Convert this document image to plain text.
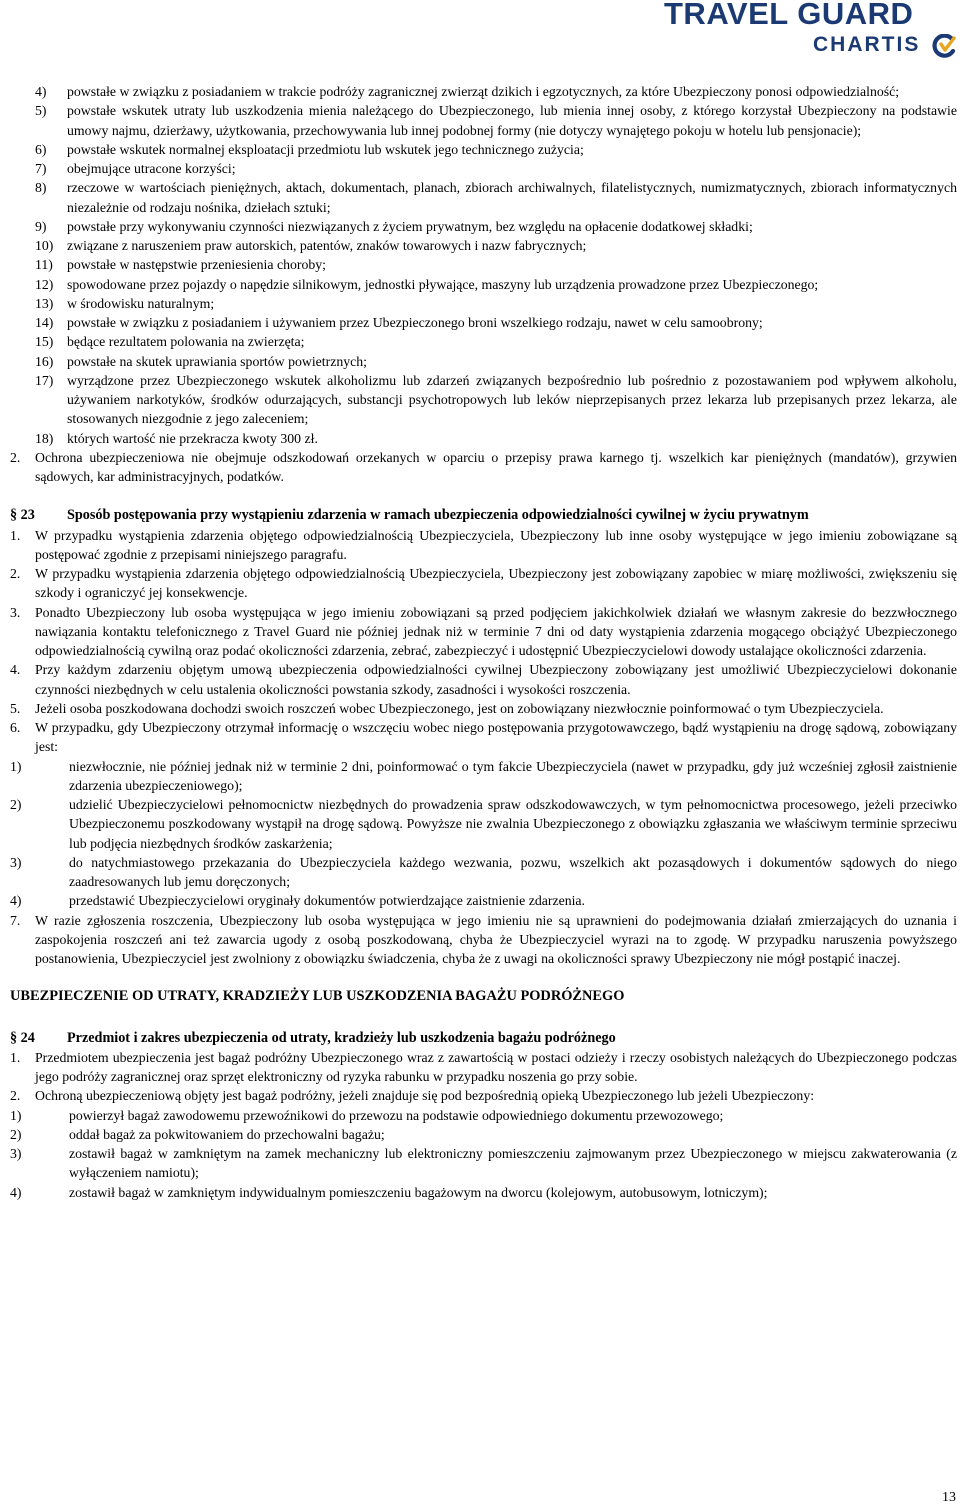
TRAVEL GUARD
CHARTIS
4)	powstałe w związku z posiadaniem w trakcie podróży zagranicznej zwierząt dzikich i egzotycznych, za które Ubezpieczony ponosi odpowiedzialność;
5)	powstałe wskutek utraty lub uszkodzenia mienia należącego do Ubezpieczonego, lub mienia innej osoby, z którego korzystał Ubezpieczony na podstawie umowy najmu, dzierżawy, użytkowania, przechowywania lub innej podobnej formy (nie dotyczy wynajętego pokoju w hotelu lub pensjonacie);
6)	powstałe wskutek normalnej eksploatacji przedmiotu lub wskutek jego technicznego zużycia;
7)	obejmujące utracone korzyści;
8)	rzeczowe w wartościach pieniężnych, aktach, dokumentach, planach, zbiorach archiwalnych, filatelistycznych, numizmatycznych, zbiorach informatycznych niezależnie od rodzaju nośnika, dziełach sztuki;
9)	powstałe przy wykonywaniu czynności niezwiązanych z życiem prywatnym, bez względu na opłacenie dodatkowej składki;
10) związane z naruszeniem praw autorskich, patentów, znaków towarowych i nazw fabrycznych;
11)	powstałe w następstwie przeniesienia choroby;
12) spowodowane przez pojazdy o napędzie silnikowym, jednostki pływające, maszyny lub urządzenia prowadzone przez Ubezpieczonego;
13) w środowisku naturalnym;
14) powstałe w związku z posiadaniem i używaniem przez Ubezpieczonego broni wszelkiego rodzaju, nawet w celu samoobrony;
15) będące rezultatem polowania na zwierzęta;
16) powstałe na skutek uprawiania sportów powietrznych;
17) wyrządzone przez Ubezpieczonego wskutek alkoholizmu lub zdarzeń związanych bezpośrednio lub pośrednio z pozostawaniem pod wpływem alkoholu, używaniem narkotyków, środków odurzających, substancji psychotropowych lub leków nieprzepisanych przez lekarza lub przepisanych przez lekarza, ale stosowanych niezgodnie z jego zaleceniem;
18) których wartość nie przekracza kwoty 300 zł.
2.	Ochrona ubezpieczeniowa nie obejmuje odszkodowań orzekanych w oparciu o przepisy prawa karnego tj. wszelkich kar pieniężnych (mandatów), grzywien sądowych, kar administracyjnych, podatków.
§ 23	Sposób postępowania przy wystąpieniu zdarzenia w ramach ubezpieczenia odpowiedzialności cywilnej w życiu prywatnym
1.	W przypadku wystąpienia zdarzenia objętego odpowiedzialnością Ubezpieczyciela, Ubezpieczony lub inne osoby występujące w jego imieniu zobowiązane są postępować zgodnie z przepisami niniejszego paragrafu.
2.	W przypadku wystąpienia zdarzenia objętego odpowiedzialnością Ubezpieczyciela, Ubezpieczony jest zobowiązany zapobiec w miarę możliwości, zwiększeniu się szkody i ograniczyć jej konsekwencje.
3.	Ponadto Ubezpieczony lub osoba występująca w jego imieniu zobowiązani są przed podjęciem jakichkolwiek działań we własnym zakresie do bezzwłocznego nawiązania kontaktu telefonicznego z Travel Guard nie później jednak niż w terminie 7 dni od daty wystąpienia zdarzenia mogącego obciążyć Ubezpieczonego odpowiedzialnością cywilną oraz podać okoliczności zdarzenia, zebrać, zabezpieczyć i udostępnić Ubezpieczycielowi dowody ustalające okoliczności zdarzenia.
4.	Przy każdym zdarzeniu objętym umową ubezpieczenia odpowiedzialności cywilnej Ubezpieczony zobowiązany jest umożliwić Ubezpieczycielowi dokonanie czynności niezbędnych w celu ustalenia okoliczności powstania szkody, zasadności i wysokości roszczenia.
5.	Jeżeli osoba poszkodowana dochodzi swoich roszczeń wobec Ubezpieczonego, jest on zobowiązany niezwłocznie poinformować o tym Ubezpieczyciela.
6.	W przypadku, gdy Ubezpieczony otrzymał informację o wszczęciu wobec niego postępowania przygotowawczego, bądź wystąpieniu na drogę sądową, zobowiązany jest:
1)	niezwłocznie, nie później jednak niż w terminie 2 dni, poinformować o tym fakcie Ubezpieczyciela (nawet w przypadku, gdy już wcześniej zgłosił zaistnienie zdarzenia ubezpieczeniowego);
2)	udzielić Ubezpieczycielowi pełnomocnictw niezbędnych do prowadzenia spraw odszkodowawczych, w tym pełnomocnictwa procesowego, jeżeli przeciwko Ubezpieczonemu poszkodowany wystąpił na drogę sądową. Powyższe nie zwalnia Ubezpieczonego z obowiązku zgłaszania we właściwym terminie sprzeciwu lub podjęcia niezbędnych środków zaskarżenia;
3)	do natychmiastowego przekazania do Ubezpieczyciela każdego wezwania, pozwu, wszelkich akt pozasądowych i dokumentów sądowych do niego zaadresowanych lub jemu doręczonych;
4)	przedstawić Ubezpieczycielowi oryginały dokumentów potwierdzające zaistnienie zdarzenia.
7.	W razie zgłoszenia roszczenia, Ubezpieczony lub osoba występująca w jego imieniu nie są uprawnieni do podejmowania działań zmierzających do uznania i zaspokojenia roszczeń ani też zawarcia ugody z osobą poszkodowaną, chyba że Ubezpieczyciel wyrazi na to zgodę. W przypadku naruszenia powyższego postanowienia, Ubezpieczyciel jest zwolniony z obowiązku świadczenia, chyba że z uwagi na okoliczności sprawy Ubezpieczony nie mógł postąpić inaczej.
UBEZPIECZENIE OD UTRATY, KRADZIEŻY LUB USZKODZENIA BAGAŻU PODRÓŻNEGO
§ 24	Przedmiot i zakres ubezpieczenia od utraty, kradzieży lub uszkodzenia bagażu podróżnego
1.	Przedmiotem ubezpieczenia jest bagaż podróżny Ubezpieczonego wraz z zawartością w postaci odzieży i rzeczy osobistych należących do Ubezpieczonego podczas jego podróży zagranicznej oraz sprzęt elektroniczny od ryzyka rabunku w przypadku noszenia go przy sobie.
2.	Ochroną ubezpieczeniową objęty jest bagaż podróżny, jeżeli znajduje się pod bezpośrednią opieką Ubezpieczonego lub jeżeli Ubezpieczony:
1)	powierzył bagaż zawodowemu przewoźnikowi do przewozu na podstawie odpowiedniego dokumentu przewozowego;
2)	oddał bagaż za pokwitowaniem do przechowalni bagażu;
3)	zostawił bagaż w zamkniętym na zamek mechaniczny lub elektroniczny pomieszczeniu zajmowanym przez Ubezpieczonego w miejscu zakwaterowania (z wyłączeniem namiotu);
4)	zostawił bagaż w zamkniętym indywidualnym pomieszczeniu bagażowym na dworcu (kolejowym, autobusowym, lotniczym);
13
